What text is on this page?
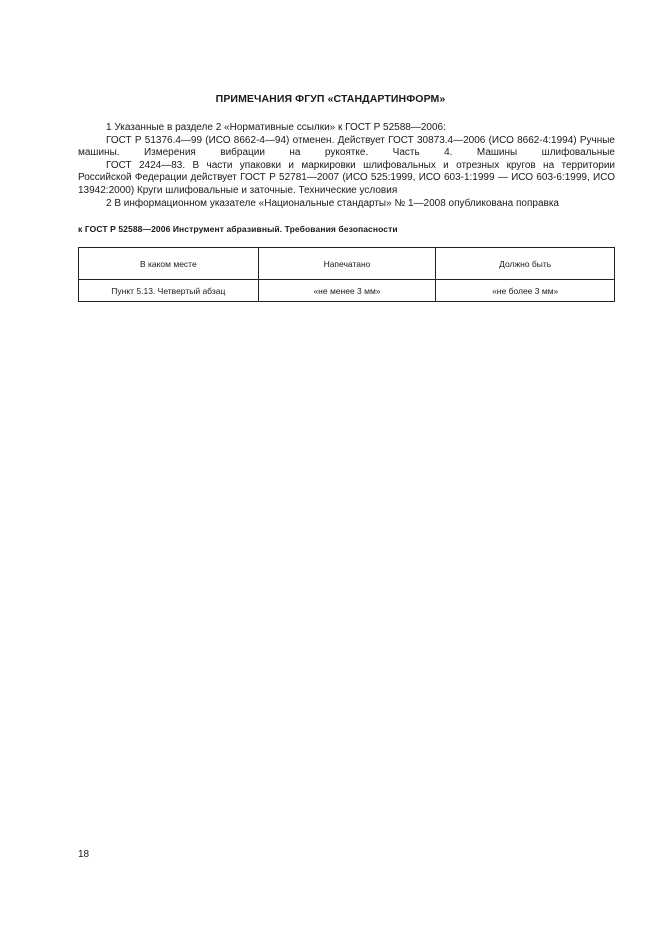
ПРИМЕЧАНИЯ ФГУП «СТАНДАРТИНФОРМ»

1 Указанные в разделе 2 «Нормативные ссылки» к ГОСТ Р 52588—2006:

ГОСТ Р 51376.4—99 (ИСО 8662-4—94) отменен. Действует ГОСТ 30873.4—2006 (ИСО 8662-4:1994) Ручные машины. Измерения вибрации на рукоятке. Часть 4. Машины шлифовальные

ГОСТ 2424—83. В части упаковки и маркировки шлифовальных и отрезных кругов на территории Российской Федерации действует ГОСТ Р 52781—2007 (ИСО 525:1999, ИСО 603-1:1999 — ИСО 603-6:1999, ИСО 13942:2000) Круги шлифовальные и заточные. Технические условия

2 В информационном указателе «Национальные стандарты» № 1—2008 опубликована поправка

к ГОСТ Р 52588—2006 Инструмент абразивный. Требования безопасности
В каком месте	Напечатано	Должно быть
Пункт 5.13. Четвертый абзац	«не менее 3 мм»	«не более 3 мм»
18
